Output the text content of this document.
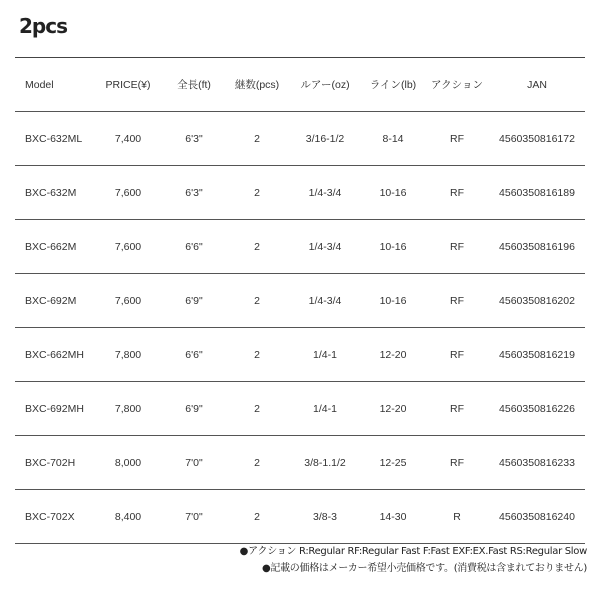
2pcs
Model	PRICE(¥)	全長(ft)	継数(pcs)	ルアー(oz)	ライン(lb)	アクション	JAN
BXC-632ML	7,400	6'3"	2	3/16-1/2	8-14	RF	4560350816172
BXC-632M	7,600	6'3"	2	1/4-3/4	10-16	RF	4560350816189
BXC-662M	7,600	6'6"	2	1/4-3/4	10-16	RF	4560350816196
BXC-692M	7,600	6'9"	2	1/4-3/4	10-16	RF	4560350816202
BXC-662MH	7,800	6'6"	2	1/4-1	12-20	RF	4560350816219
BXC-692MH	7,800	6'9"	2	1/4-1	12-20	RF	4560350816226
BXC-702H	8,000	7'0"	2	3/8-1.1/2	12-25	RF	4560350816233
BXC-702X	8,400	7'0"	2	3/8-3	14-30	R	4560350816240
●アクション R:Regular RF:Regular Fast F:Fast EXF:EX.Fast RS:Regular Slow
●記載の価格はメーカー希望小売価格です。(消費税は含まれておりません)
